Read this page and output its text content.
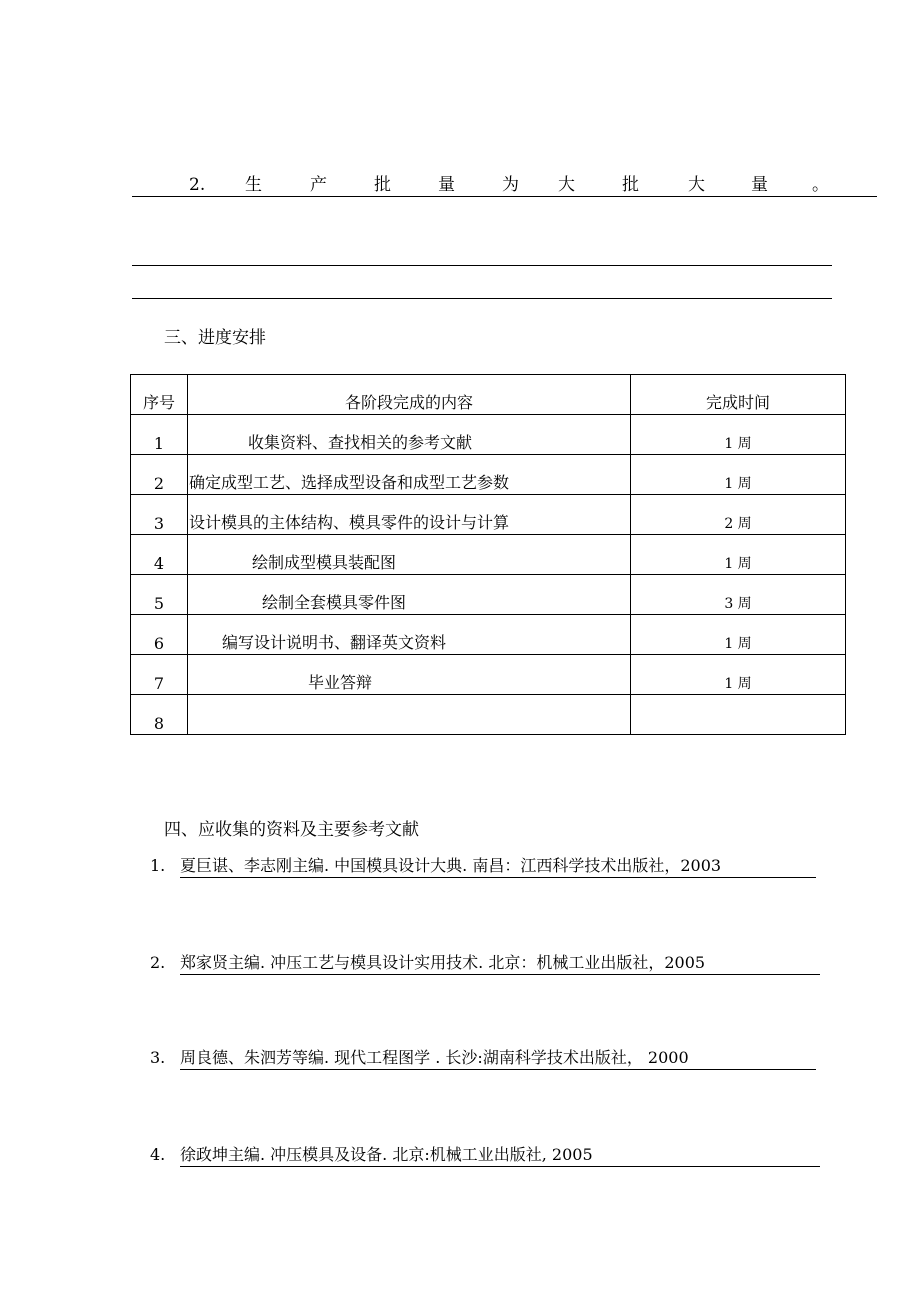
2. 生	产	批	量	为 大	批	大	量	。
三、进度安排
序号	各阶段完成的内容	完成时间
1	收集资料、查找相关的参考文献	1 周
2	确定成型工艺、选择成型设备和成型工艺参数	1 周
3	设计模具的主体结构、模具零件的设计与计算	2 周
4	绘制成型模具装配图	1 周
5	绘制全套模具零件图	3 周
6	编写设计说明书、翻译英文资料	1 周
7	毕业答辩	1 周
8		
四、应收集的资料及主要参考文献
1. 夏巨谌、李志刚主编. 中国模具设计大典. 南昌：江西科学技术出版社，2003
2. 郑家贤主编. 冲压工艺与模具设计实用技术. 北京：机械工业出版社，2005
3. 周良德、朱泗芳等编. 现代工程图学 . 长沙:湖南科学技术出版社， 2000
4. 徐政坤主编. 冲压模具及设备. 北京:机械工业出版社, 2005
